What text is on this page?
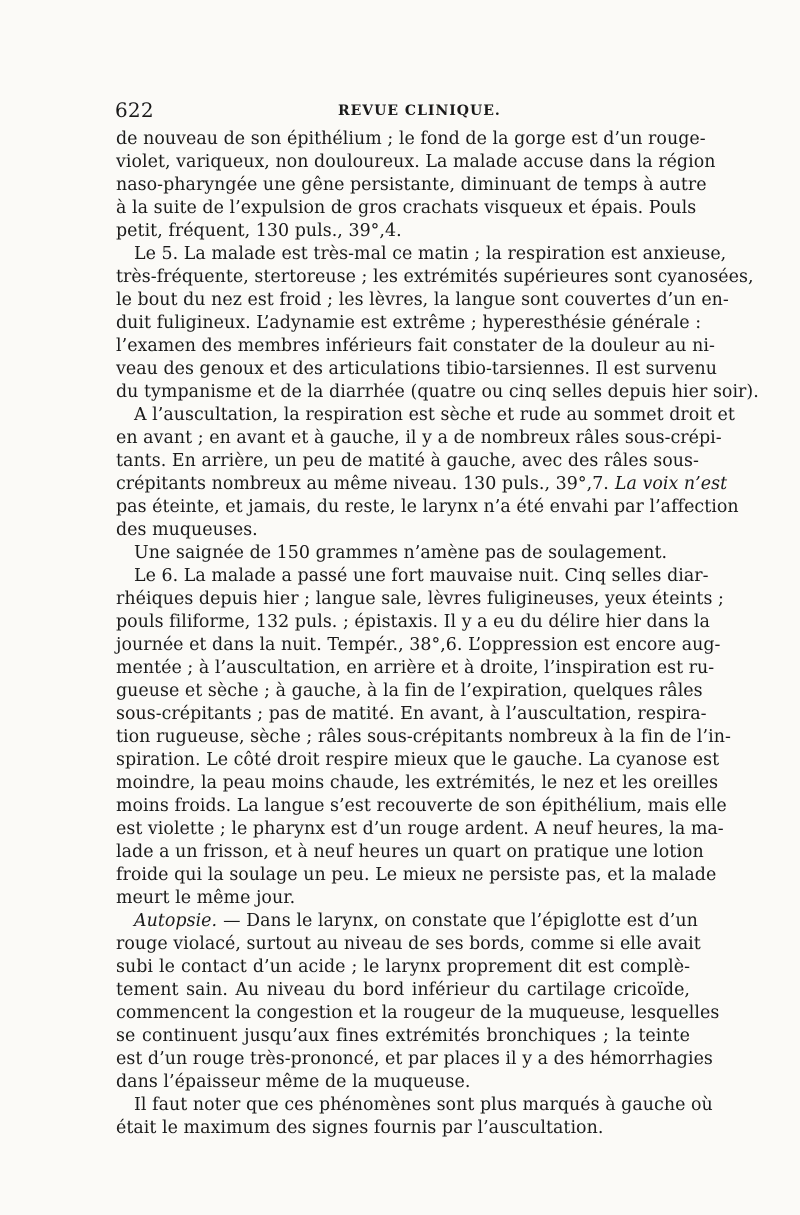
622	REVUE CLINIQUE.
de nouveau de son épithélium ; le fond de la gorge est d’un rouge-
violet, variqueux, non douloureux. La malade accuse dans la région
naso-pharyngée une gêne persistante, diminuant de temps à autre
à la suite de l’expulsion de gros crachats visqueux et épais. Pouls
petit, fréquent, 130 puls., 39°,4.
Le 5. La malade est très-mal ce matin ; la respiration est anxieuse,
très-fréquente, stertoreuse ; les extrémités supérieures sont cyanosées,
le bout du nez est froid ; les lèvres, la langue sont couvertes d’un en-
duit fuligineux. L’adynamie est extrême ; hyperesthésie générale :
l’examen des membres inférieurs fait constater de la douleur au ni-
veau des genoux et des articulations tibio-tarsiennes. Il est survenu
du tympanisme et de la diarrhée (quatre ou cinq selles depuis hier soir).
A l’auscultation, la respiration est sèche et rude au sommet droit et
en avant ; en avant et à gauche, il y a de nombreux râles sous-crépi-
tants. En arrière, un peu de matité à gauche, avec des râles sous-
crépitants nombreux au même niveau. 130 puls., 39°,7. La voix n’est
pas éteinte, et jamais, du reste, le larynx n’a été envahi par l’affection
des muqueuses.
Une saignée de 150 grammes n’amène pas de soulagement.
Le 6. La malade a passé une fort mauvaise nuit. Cinq selles diar-
rhéiques depuis hier ; langue sale, lèvres fuligineuses, yeux éteints ;
pouls filiforme, 132 puls. ; épistaxis. Il y a eu du délire hier dans la
journée et dans la nuit. Tempér., 38°,6. L’oppression est encore aug-
mentée ; à l’auscultation, en arrière et à droite, l’inspiration est ru-
gueuse et sèche ; à gauche, à la fin de l’expiration, quelques râles
sous-crépitants ; pas de matité. En avant, à l’auscultation, respira-
tion rugueuse, sèche ; râles sous-crépitants nombreux à la fin de l’in-
spiration. Le côté droit respire mieux que le gauche. La cyanose est
moindre, la peau moins chaude, les extrémités, le nez et les oreilles
moins froids. La langue s’est recouverte de son épithélium, mais elle
est violette ; le pharynx est d’un rouge ardent. A neuf heures, la ma-
lade a un frisson, et à neuf heures un quart on pratique une lotion
froide qui la soulage un peu. Le mieux ne persiste pas, et la malade
meurt le même jour.
Autopsie. — Dans le larynx, on constate que l’épiglotte est d’un
rouge violacé, surtout au niveau de ses bords, comme si elle avait
subi le contact d’un acide ; le larynx proprement dit est complè-
tement sain. Au niveau du bord inférieur du cartilage cricoïde,
commencent la congestion et la rougeur de la muqueuse, lesquelles
se continuent jusqu’aux fines extrémités bronchiques ; la teinte
est d’un rouge très-prononcé, et par places il y a des hémorrhagies
dans l’épaisseur même de la muqueuse.
Il faut noter que ces phénomènes sont plus marqués à gauche où
était le maximum des signes fournis par l’auscultation.
